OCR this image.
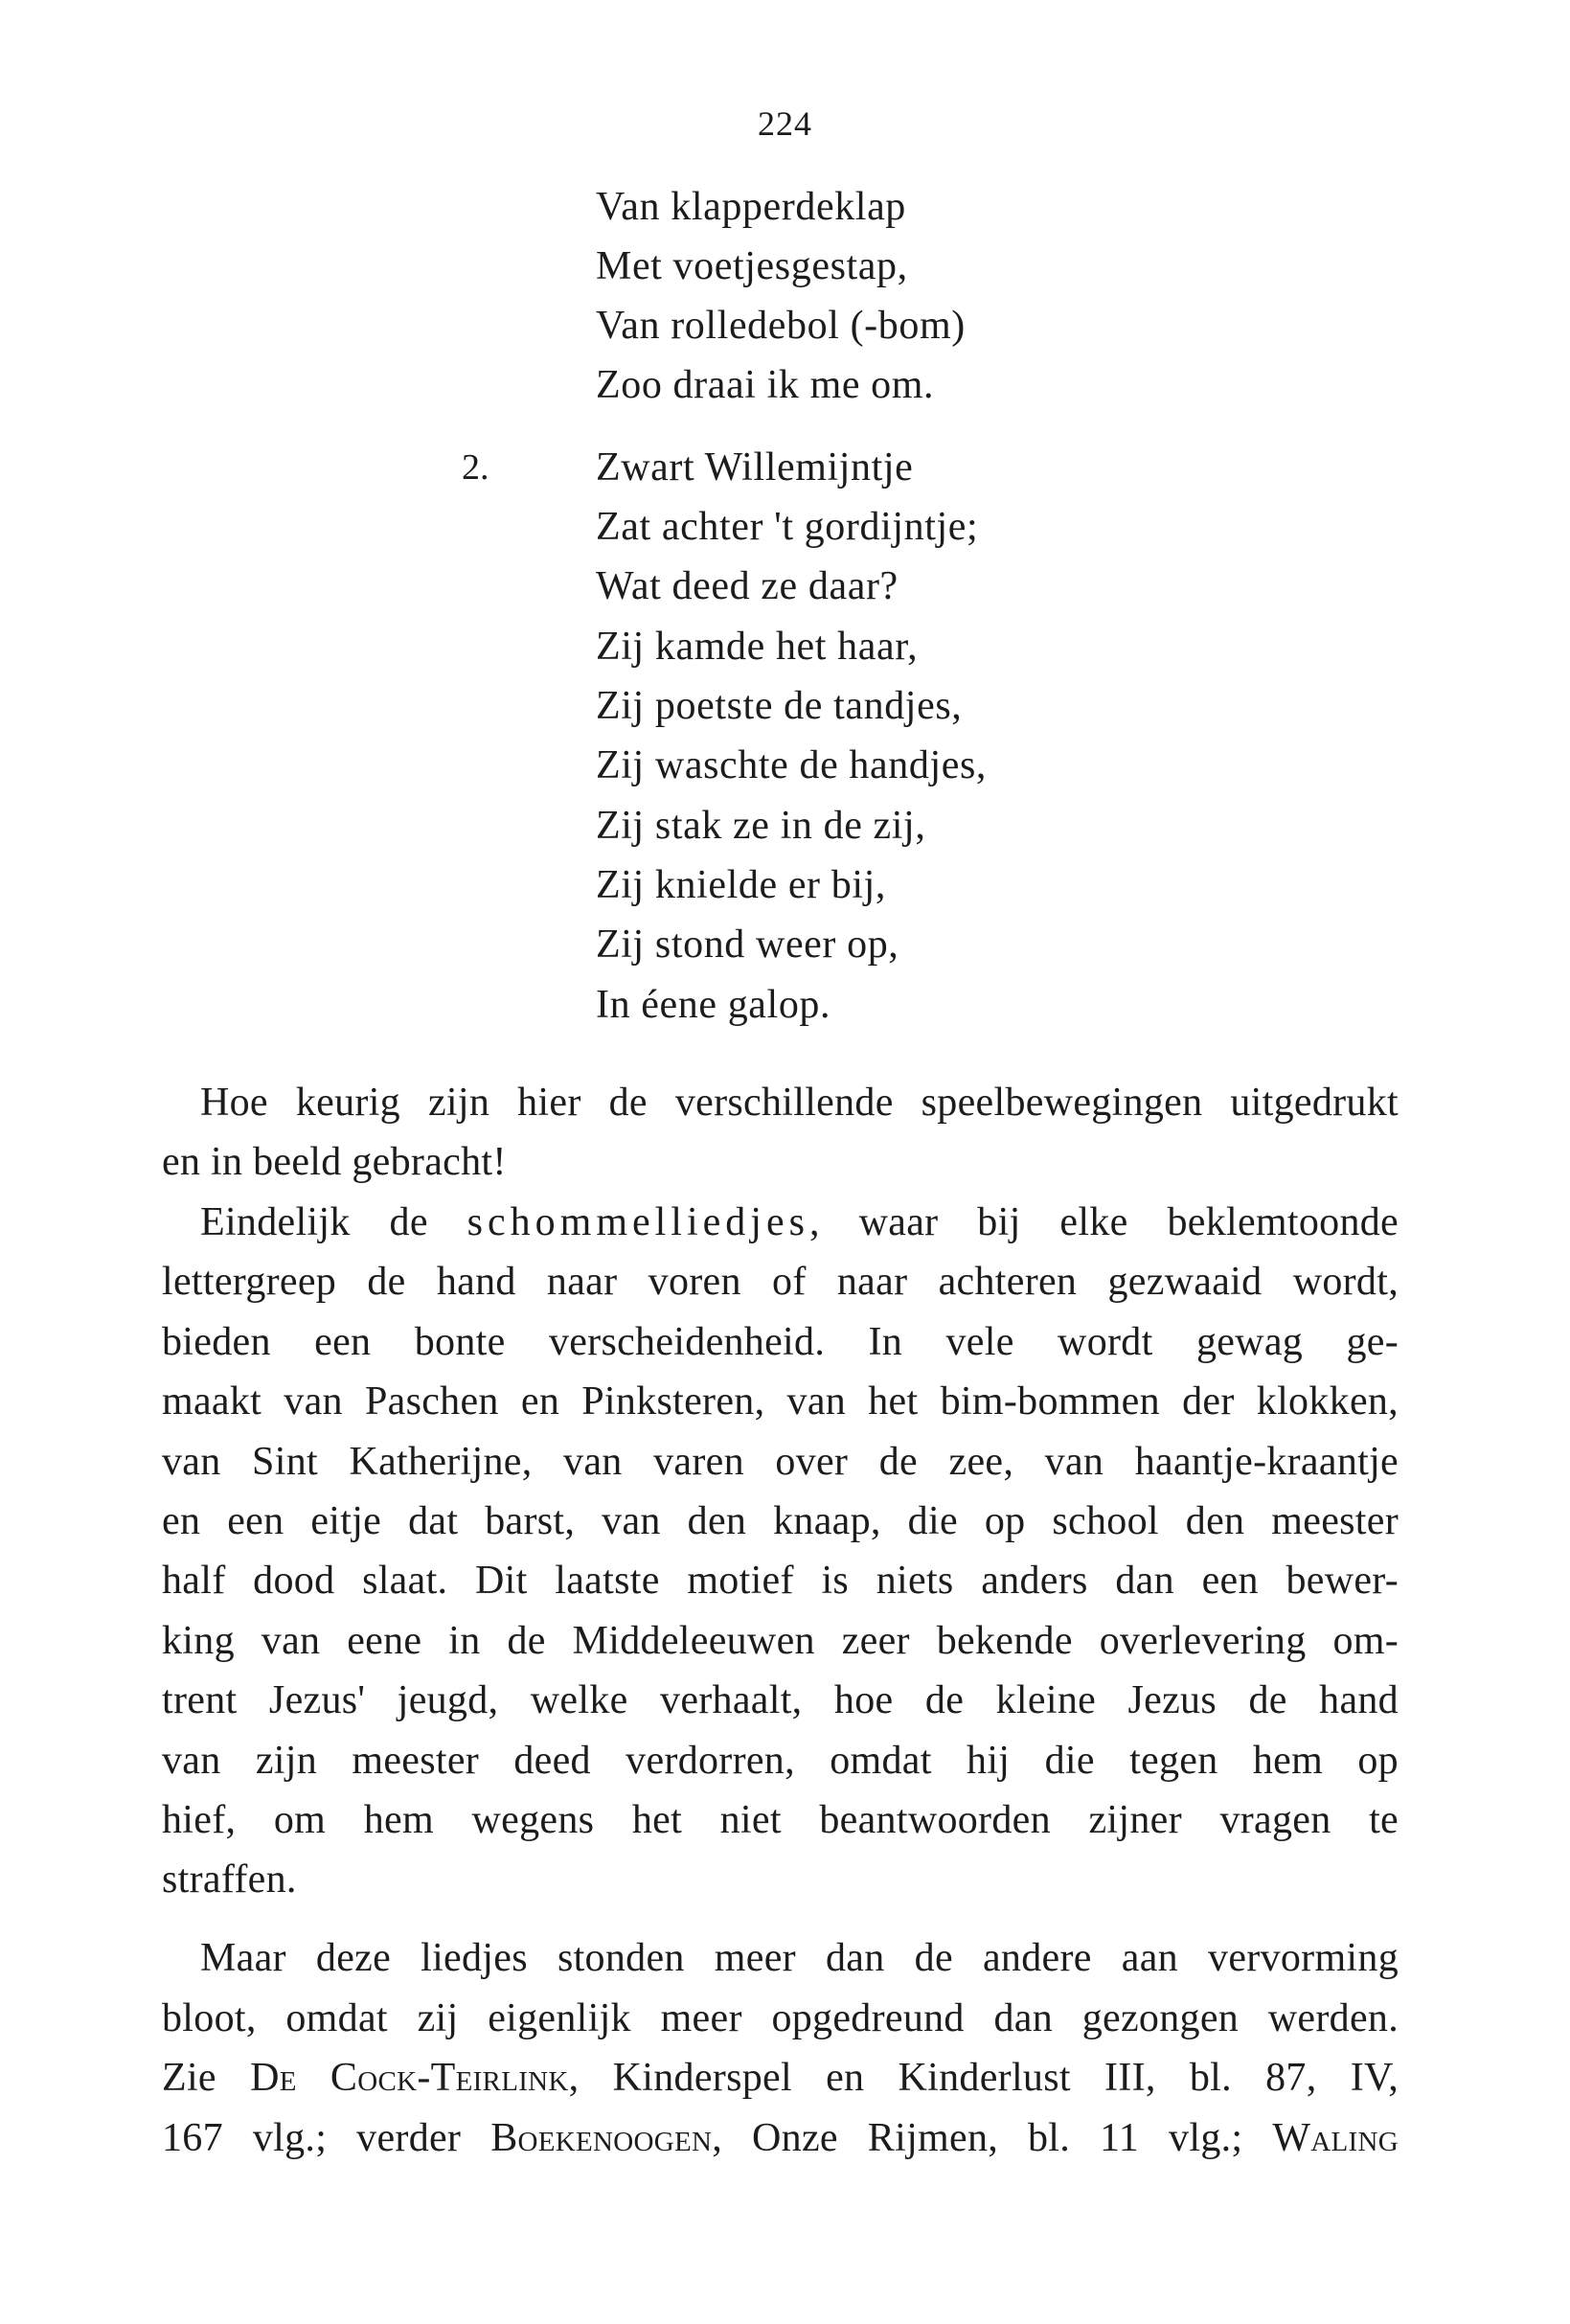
224
Van klapperdeklap
Met voetjesgestap,
Van rolledebol (-bom)
Zoo draai ik me om.
2.	Zwart Willemijntje
Zat achter 't gordijntje;
Wat deed ze daar?
Zij kamde het haar,
Zij poetste de tandjes,
Zij waschte de handjes,
Zij stak ze in de zij,
Zij knielde er bij,
Zij stond weer op,
In éene galop.
Hoe keurig zijn hier de verschillende speelbewegingen uitgedrukt
en in beeld gebracht!
Eindelijk de schommelliedjes, waar bij elke beklemtoonde
lettergreep de hand naar voren of naar achteren gezwaaid wordt,
bieden een bonte verscheidenheid. In vele wordt gewag ge-
maakt van Paschen en Pinksteren, van het bim-bommen der klokken,
van Sint Katherijne, van varen over de zee, van haantje-kraantje
en een eitje dat barst, van den knaap, die op school den meester
half dood slaat. Dit laatste motief is niets anders dan een bewer-
king van eene in de Middeleeuwen zeer bekende overlevering om-
trent Jezus' jeugd, welke verhaalt, hoe de kleine Jezus de hand
van zijn meester deed verdorren, omdat hij die tegen hem op
hief, om hem wegens het niet beantwoorden zijner vragen te
straffen.
Maar deze liedjes stonden meer dan de andere aan vervorming
bloot, omdat zij eigenlijk meer opgedreund dan gezongen werden.
Zie De Cock-Teirlink, Kinderspel en Kinderlust III, bl. 87, IV,
167 vlg.; verder Boekenoogen, Onze Rijmen, bl. 11 vlg.; Waling
